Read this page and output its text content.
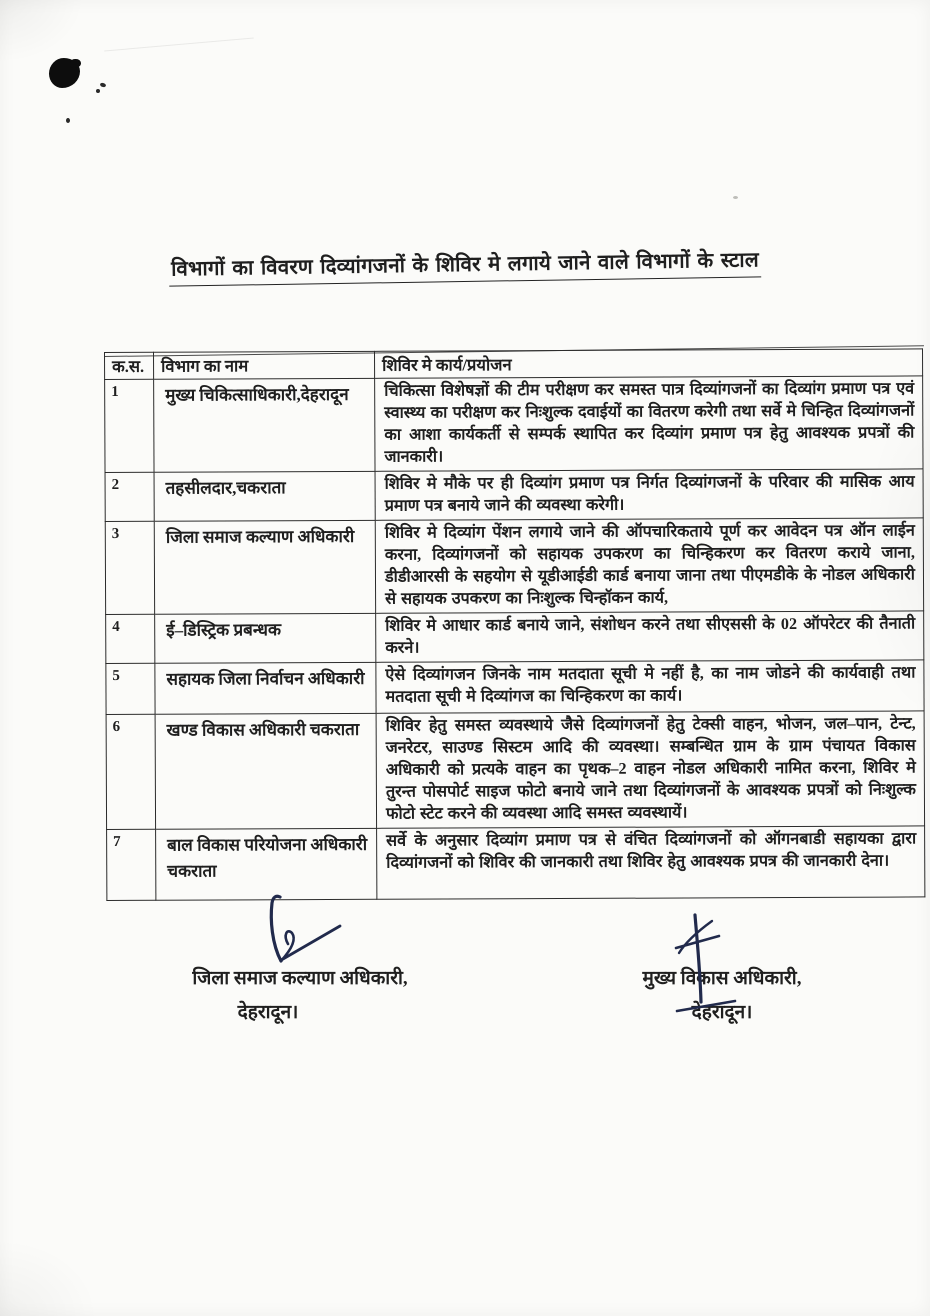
विभागों का विवरण दिव्यांगजनों के शिविर मे लगाये जाने वाले विभागों के स्टाल
क.स.	विभाग का नाम	शिविर मे कार्य/प्रयोजन
1	मुख्य चिकित्साधिकारी,देहरादून	चिकित्सा विशेषज्ञों की टीम परीक्षण कर समस्त पात्र दिव्यांगजनों का दिव्यांग प्रमाण पत्र एवं स्वास्थ्य का परीक्षण कर निःशुल्क दवाईयों का वितरण करेगी तथा सर्वे मे चिन्हित दिव्यांगजनों का आशा कार्यकर्ती से सम्पर्क स्थापित कर दिव्यांग प्रमाण पत्र हेतु आवश्यक प्रपत्रों की जानकारी।
2	तहसीलदार,चकराता	शिविर मे मौके पर ही दिव्यांग प्रमाण पत्र निर्गत दिव्यांगजनों के परिवार की मासिक आय प्रमाण पत्र बनाये जाने की व्यवस्था करेगी।
3	जिला समाज कल्याण अधिकारी	शिविर मे दिव्यांग पेंशन लगाये जाने की ऑपचारिकताये पूर्ण कर आवेदन पत्र ऑन लाईन करना, दिव्यांगजनों को सहायक उपकरण का चिन्हिकरण कर वितरण कराये जाना, डीडीआरसी के सहयोग से यूडीआईडी कार्ड बनाया जाना तथा पीएमडीके के नोडल अधिकारी से सहायक उपकरण का निःशुल्क चिन्हॉकन कार्य,
4	ई–डिस्ट्रिक प्रबन्धक	शिविर मे आधार कार्ड बनाये जाने, संशोधन करने तथा सीएससी के 02 ऑपरेटर की तैनाती करने।
5	सहायक जिला निर्वाचन अधिकारी	ऐसे दिव्यांगजन जिनके नाम मतदाता सूची मे नहीं है, का नाम जोडने की कार्यवाही तथा मतदाता सूची मे दिव्यांगज का चिन्हिकरण का कार्य।
6	खण्ड विकास अधिकारी चकराता	शिविर हेतु समस्त व्यवस्थाये जैसे दिव्यांगजनों हेतु टेक्सी वाहन, भोजन, जल–पान, टेन्ट, जनरेटर, साउण्ड सिस्टम आदि की व्यवस्था। सम्बन्धित ग्राम के ग्राम पंचायत विकास अधिकारी को प्रत्यके वाहन का पृथक–2 वाहन नोडल अधिकारी नामित करना, शिविर मे तुरन्त पोसपोर्ट साइज फोटो बनाये जाने तथा दिव्यांगजनों के आवश्यक प्रपत्रों को निःशुल्क फोटो स्टेट करने की व्यवस्था आदि समस्त व्यवस्थायें।
7	बाल विकास परियोजना अधिकारी चकराता	सर्वे के अनुसार दिव्यांग प्रमाण पत्र से वंचित दिव्यांगजनों को ऑगनबाडी सहायका द्वारा दिव्यांगजनों को शिविर की जानकारी तथा शिविर हेतु आवश्यक प्रपत्र की जानकारी देना।
जिला समाज कल्याण अधिकारी,
देहरादून।
मुख्य विकास अधिकारी,
देहरादून।
